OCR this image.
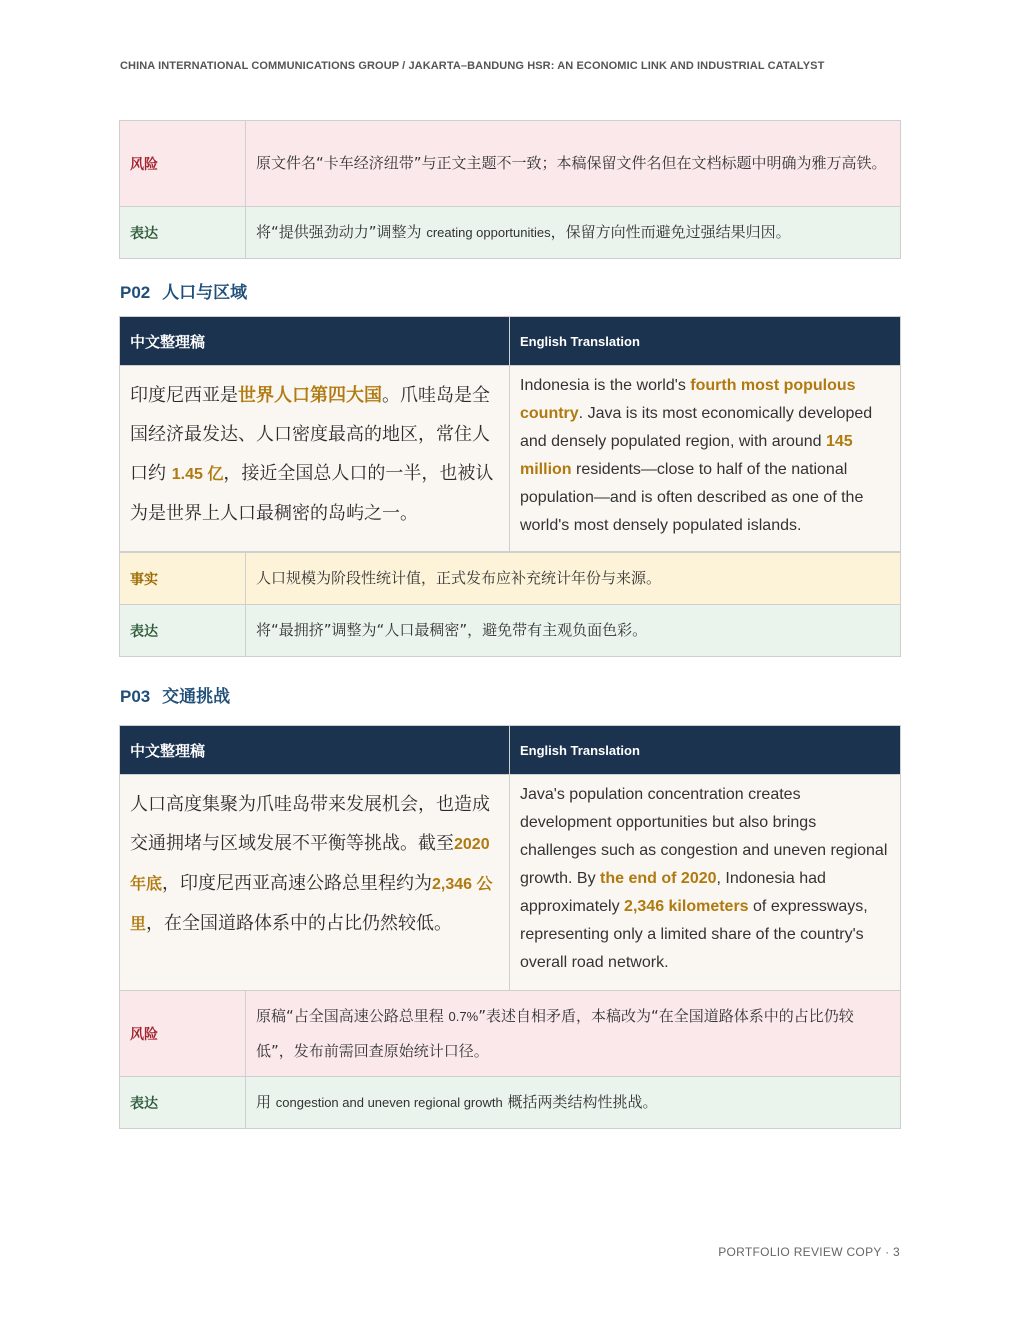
CHINA INTERNATIONAL COMMUNICATIONS GROUP / JAKARTA–BANDUNG HSR: AN ECONOMIC LINK AND INDUSTRIAL CATALYST
风险	原文件名“卡车经济纽带”与正文主题不一致；本稿保留文件名但在文档标题中明确为雅万高铁。
表达	将“提供强劲动力”调整为 creating opportunities，保留方向性而避免过强结果归因。
P02 人口与区域
中文整理稿	English Translation
印度尼西亚是世界人口第四大国。爪哇岛是全国经济最发达、人口密度最高的地区，常住人口约 1.45 亿，接近全国总人口的一半，也被认为是世界上人口最稠密的岛屿之一。	Indonesia is the world's fourth most populous country. Java is its most economically developed and densely populated region, with around 145 million residents—close to half of the national population—and is often described as one of the world's most densely populated islands.
事实	人口规模为阶段性统计值，正式发布应补充统计年份与来源。
表达	将“最拥挤”调整为“人口最稠密”，避免带有主观负面色彩。
P03 交通挑战
中文整理稿	English Translation
人口高度集聚为爪哇岛带来发展机会，也造成交通拥堵与区域发展不平衡等挑战。截至2020 年底，印度尼西亚高速公路总里程约为2,346 公里，在全国道路体系中的占比仍然较低。	Java's population concentration creates development opportunities but also brings challenges such as congestion and uneven regional growth. By the end of 2020, Indonesia had approximately 2,346 kilometers of expressways, representing only a limited share of the country's overall road network.
风险	原稿“占全国高速公路总里程 0.7%”表述自相矛盾，本稿改为“在全国道路体系中的占比仍较低”，发布前需回查原始统计口径。
表达	用 congestion and uneven regional growth 概括两类结构性挑战。
PORTFOLIO REVIEW COPY · 3
